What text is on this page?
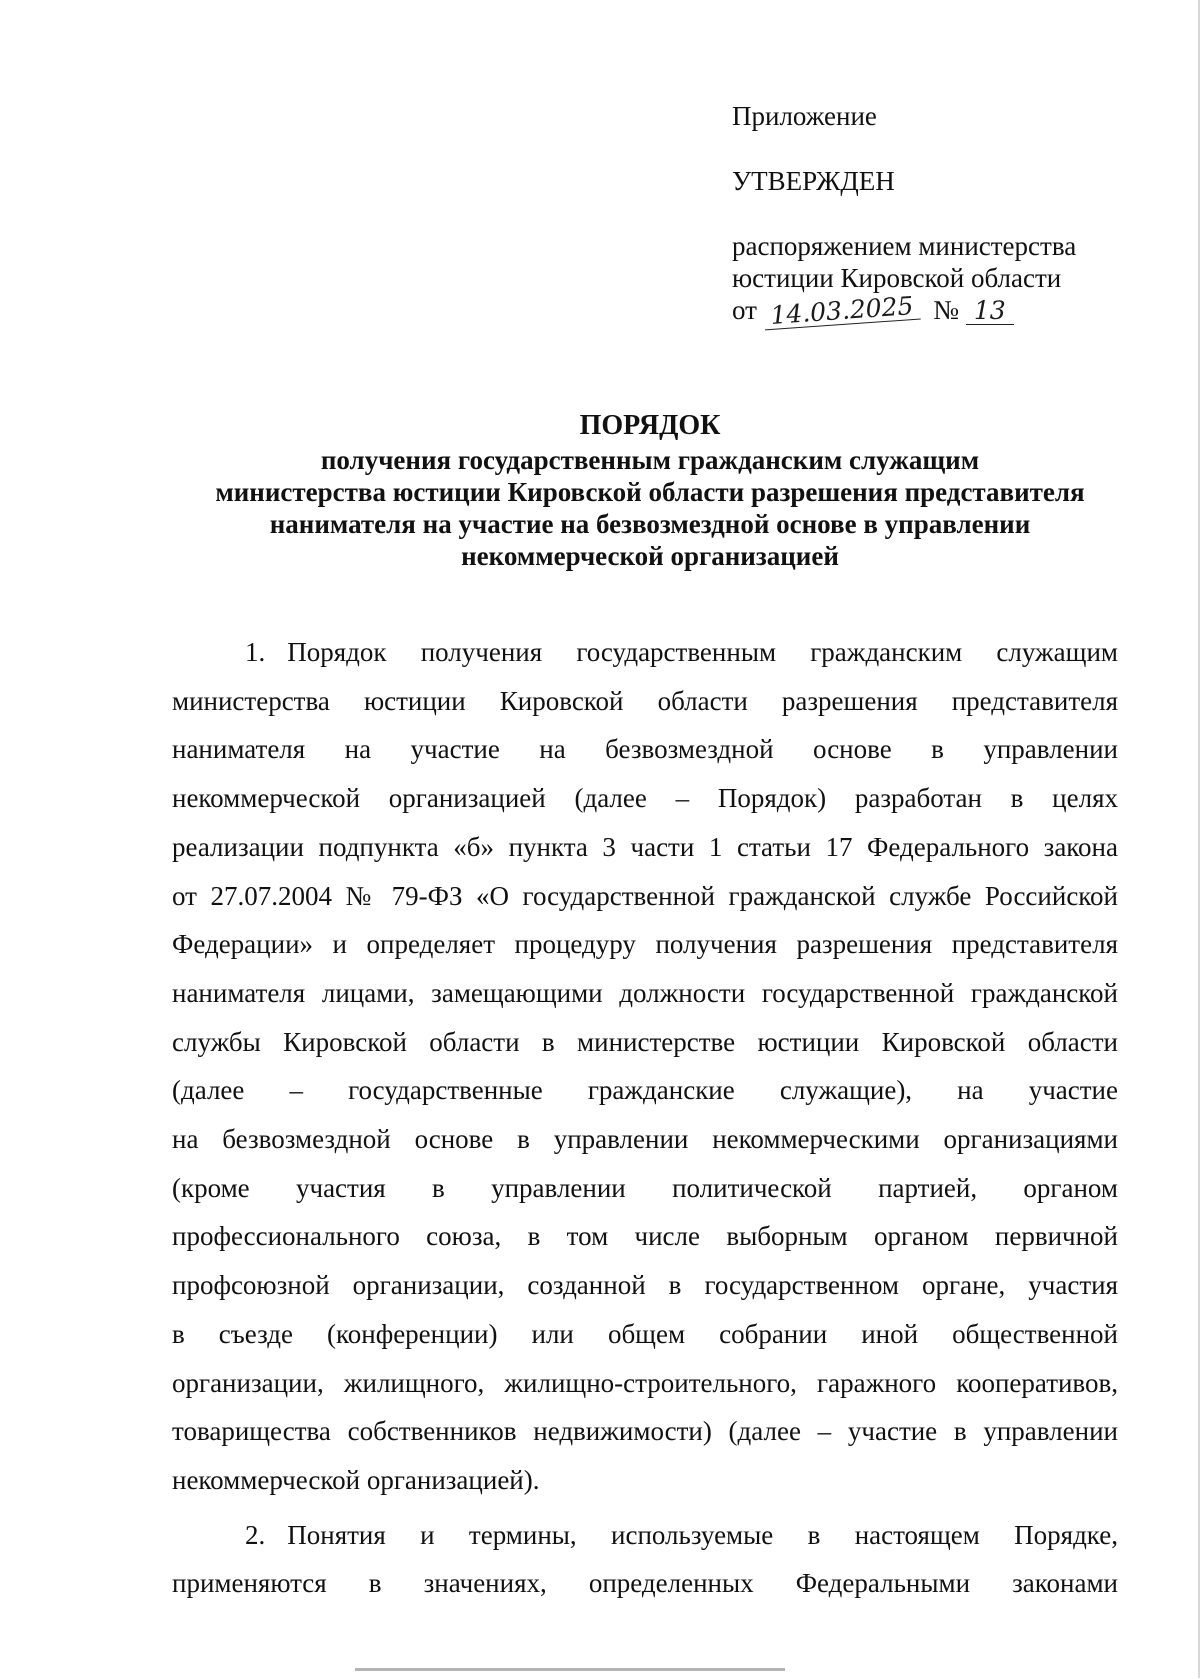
Приложение

УТВЕРЖДЕН

распоряжением министерства
юстиции Кировской области
от 14.03.2025 № 13
ПОРЯДОК
получения государственным гражданским служащим
министерства юстиции Кировской области разрешения представителя
нанимателя на участие на безвозмездной основе в управлении
некоммерческой организацией
1. Порядок получения государственным гражданским служащим
министерства юстиции Кировской области разрешения представителя
нанимателя на участие на безвозмездной основе в управлении
некоммерческой организацией (далее – Порядок) разработан в целях
реализации подпункта «б» пункта 3 части 1 статьи 17 Федерального закона
от 27.07.2004 № 79-ФЗ «О государственной гражданской службе Российской
Федерации» и определяет процедуру получения разрешения представителя
нанимателя лицами, замещающими должности государственной гражданской
службы Кировской области в министерстве юстиции Кировской области
(далее – государственные гражданские служащие), на участие
на безвозмездной основе в управлении некоммерческими организациями
(кроме участия в управлении политической партией, органом
профессионального союза, в том числе выборным органом первичной
профсоюзной организации, созданной в государственном органе, участия
в съезде (конференции) или общем собрании иной общественной
организации, жилищного, жилищно-строительного, гаражного кооперативов,
товарищества собственников недвижимости) (далее – участие в управлении
некоммерческой организацией).
2. Понятия и термины, используемые в настоящем Порядке,
применяются в значениях, определенных Федеральными законами
